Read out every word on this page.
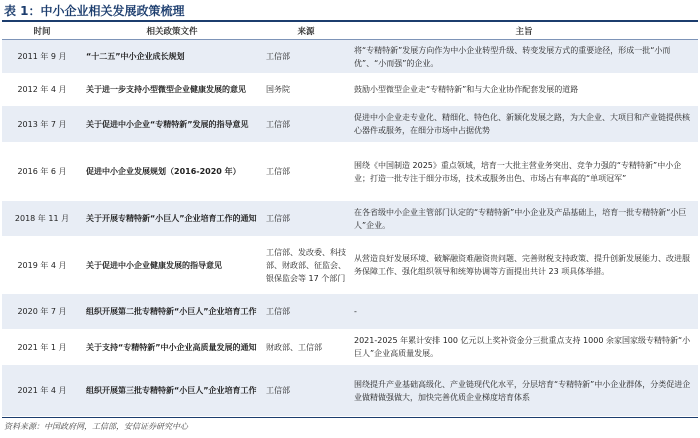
表 1：中小企业相关发展政策梳理
时间	相关政策文件	来源	主旨
2011 年 9 月	“十二五”中小企业成长规划	工信部	将“专精特新”发展方向作为中小企业转型升级、转变发展方式的重要途径，形成一批“小而优”、“小而强”的企业。
2012 年 4 月	关于进一步支持小型微型企业健康发展的意见	国务院	鼓励小型微型企业走“专精特新”和与大企业协作配套发展的道路
2013 年 7 月	关于促进中小企业“专精特新”发展的指导意见	工信部	促进中小企业走专业化、精细化、特色化、新颖化发展之路，为大企业、大项目和产业链提供核心器件或服务，在细分市场中占据优势
2016 年 6 月	促进中小企业发展规划（2016-2020 年）	工信部	围绕《中国制造 2025》重点领域，培育一大批主营业务突出、竞争力强的“专精特新”中小企业；打造一批专注于细分市场，技术或服务出色、市场占有率高的“单项冠军”
2018 年 11 月	关于开展专精特新“小巨人”企业培育工作的通知	工信部	在各省级中小企业主管部门认定的“专精特新”中小企业及产品基础上，培育一批专精特新“小巨人”企业。
2019 年 4 月	关于促进中小企业健康发展的指导意见	工信部、发改委、科技部、财政部、征监会、银保监会等 17 个部门	从营造良好发展环境、破解融资难融资贵问题、完善财税支持政策、提升创新发展能力、改进服务保障工作、强化组织领导和统筹协调等方面提出共计 23 项具体举措。
2020 年 7 月	组织开展第二批专精特新“小巨人”企业培育工作	工信部	-
2021 年 1 月	关于支持“专精特新”中小企业高质量发展的通知	财政部、工信部	2021-2025 年累计安排 100 亿元以上奖补资金分三批重点支持 1000 余家国家级专精特新“小巨人”企业高质量发展。
2021 年 4 月	组织开展第三批专精特新“小巨人”企业培育工作	工信部	围绕提升产业基础高级化、产业链现代化水平，分层培育“专精特新”中小企业群体，分类促进企业做精做强做大，加快完善优质企业梯度培育体系
资料来源：中国政府网，工信部，安信证券研究中心
